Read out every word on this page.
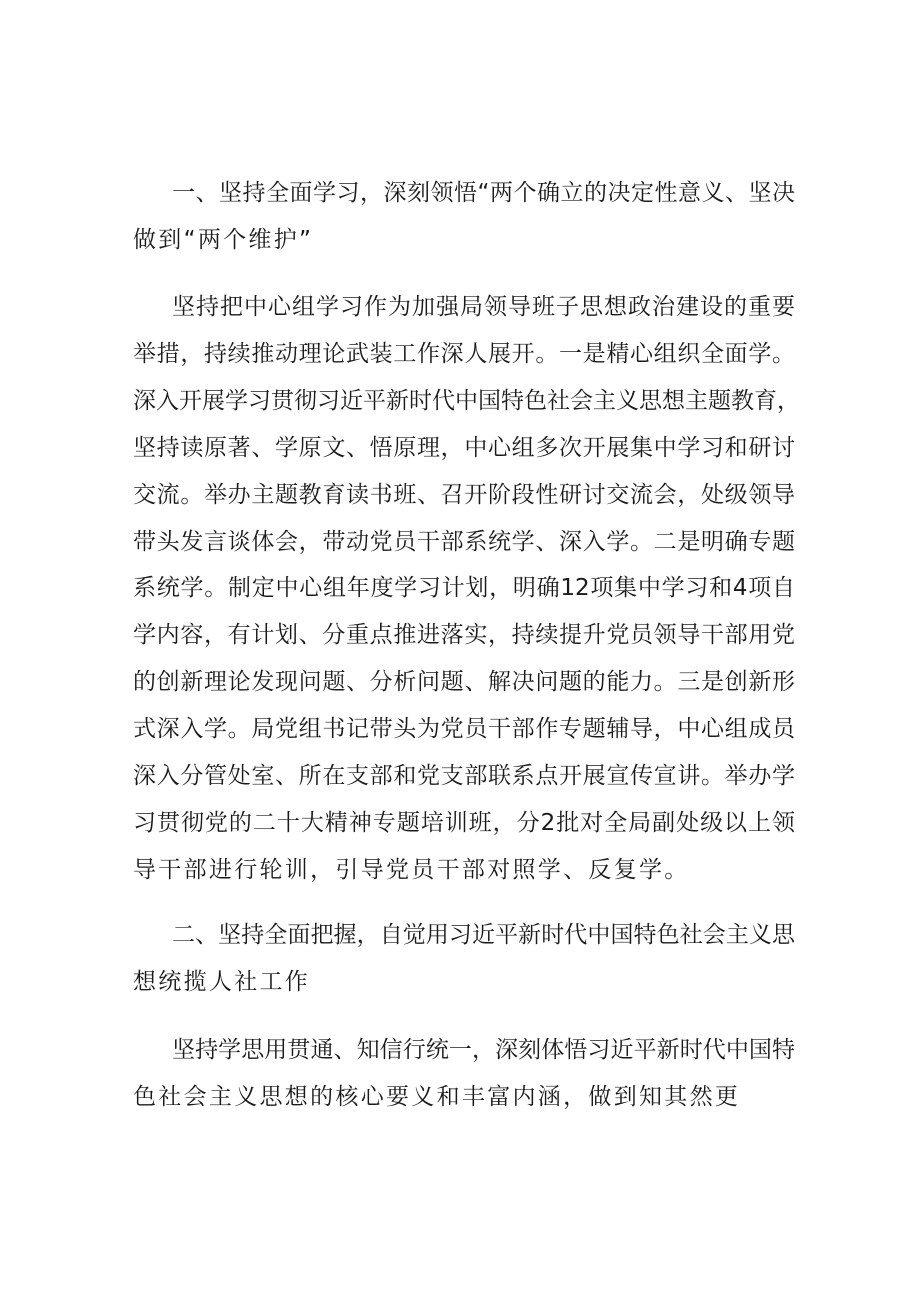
一、坚持全面学习，深刻领悟“两个确立的决定性意义、坚决
做到“两个维护”
坚持把中心组学习作为加强局领导班子思想政治建设的重要
举措，持续推动理论武装工作深人展开。一是精心组织全面学。
深入开展学习贯彻习近平新时代中国特色社会主义思想主题教育，
坚持读原著、学原文、悟原理，中心组多次开展集中学习和研讨
交流。举办主题教育读书班、召开阶段性研讨交流会，处级领导
带头发言谈体会，带动党员干部系统学、深入学。二是明确专题
系统学。制定中心组年度学习计划，明确12项集中学习和4项自
学内容，有计划、分重点推进落实，持续提升党员领导干部用党
的创新理论发现问题、分析问题、解决问题的能力。三是创新形
式深入学。局党组书记带头为党员干部作专题辅导，中心组成员
深入分管处室、所在支部和党支部联系点开展宣传宣讲。举办学
习贯彻党的二十大精神专题培训班，分2批对全局副处级以上领
导干部进行轮训，引导党员干部对照学、反复学。
二、坚持全面把握，自觉用习近平新时代中国特色社会主义思
想统揽人社工作
坚持学思用贯通、知信行统一，深刻体悟习近平新时代中国特
色社会主义思想的核心要义和丰富内涵，做到知其然更
